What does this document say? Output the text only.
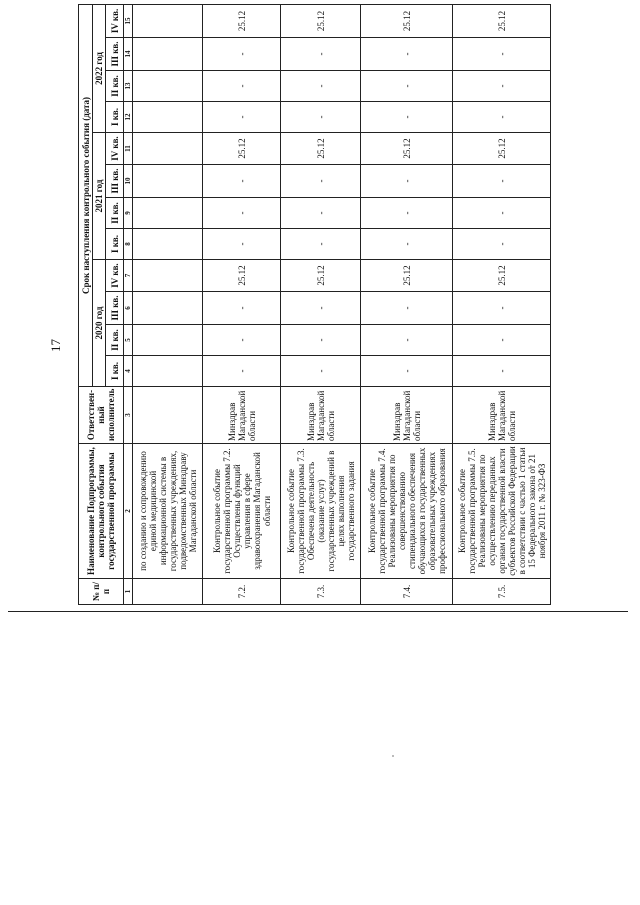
17
№ п/п	Наименование Подпрограммы, контрольного события государственной программы	Ответствен-ный исполнитель	Срок наступления контрольного события (дата)											
			2020 год				2021 год				2022 год			
			I кв.	II кв.	III кв.	IV кв.	I кв.	II кв.	III кв.	IV кв.	I кв.	II кв.	III кв.	IV кв.
1	2	3	4	5	6	7	8	9	10	11	12	13	14	15
	по созданию и сопровождению единой медицинской информационной системы в государственных учреждениях, подведомственных Минздраву Магаданской области													
7.2.	Контрольное событие государственной программы 7.2. Осуществлены функций управления в сфере здравоохранения Магаданской области	Минздрав Магаданской области	-	-	-	25.12	-	-	-	25.12	-	-	-	25.12
7.3.	Контрольное событие государственной программы 7.3. Обеспечена деятельность (оказание услуг) государственных учреждений в целях выполнения государственного задания	Минздрав Магаданской области	-	-	-	25.12	-	-	-	25.12	-	-	-	25.12
7.4.	Контрольное событие государственной программы 7.4. Реализованы мероприятия по совершенствованию стипендиального обеспечения обучающихся в государственных образовательных учреждениях профессионального образования	Минздрав Магаданской области	-	-	-	25.12	-	-	-	25.12	-	-	-	25.12
7.5.	Контрольное событие государственной программы 7.5. Реализованы мероприятия по осуществлению переданных органам государственной власти субъектов Российской Федерации в соответствии с частью 1 статьи 15 Федерального закона от 21 ноября 2011 г. № 323-ФЗ	Минздрав Магаданской области	-	-	-	25.12	-	-	-	25.12	-	-	-	25.12
